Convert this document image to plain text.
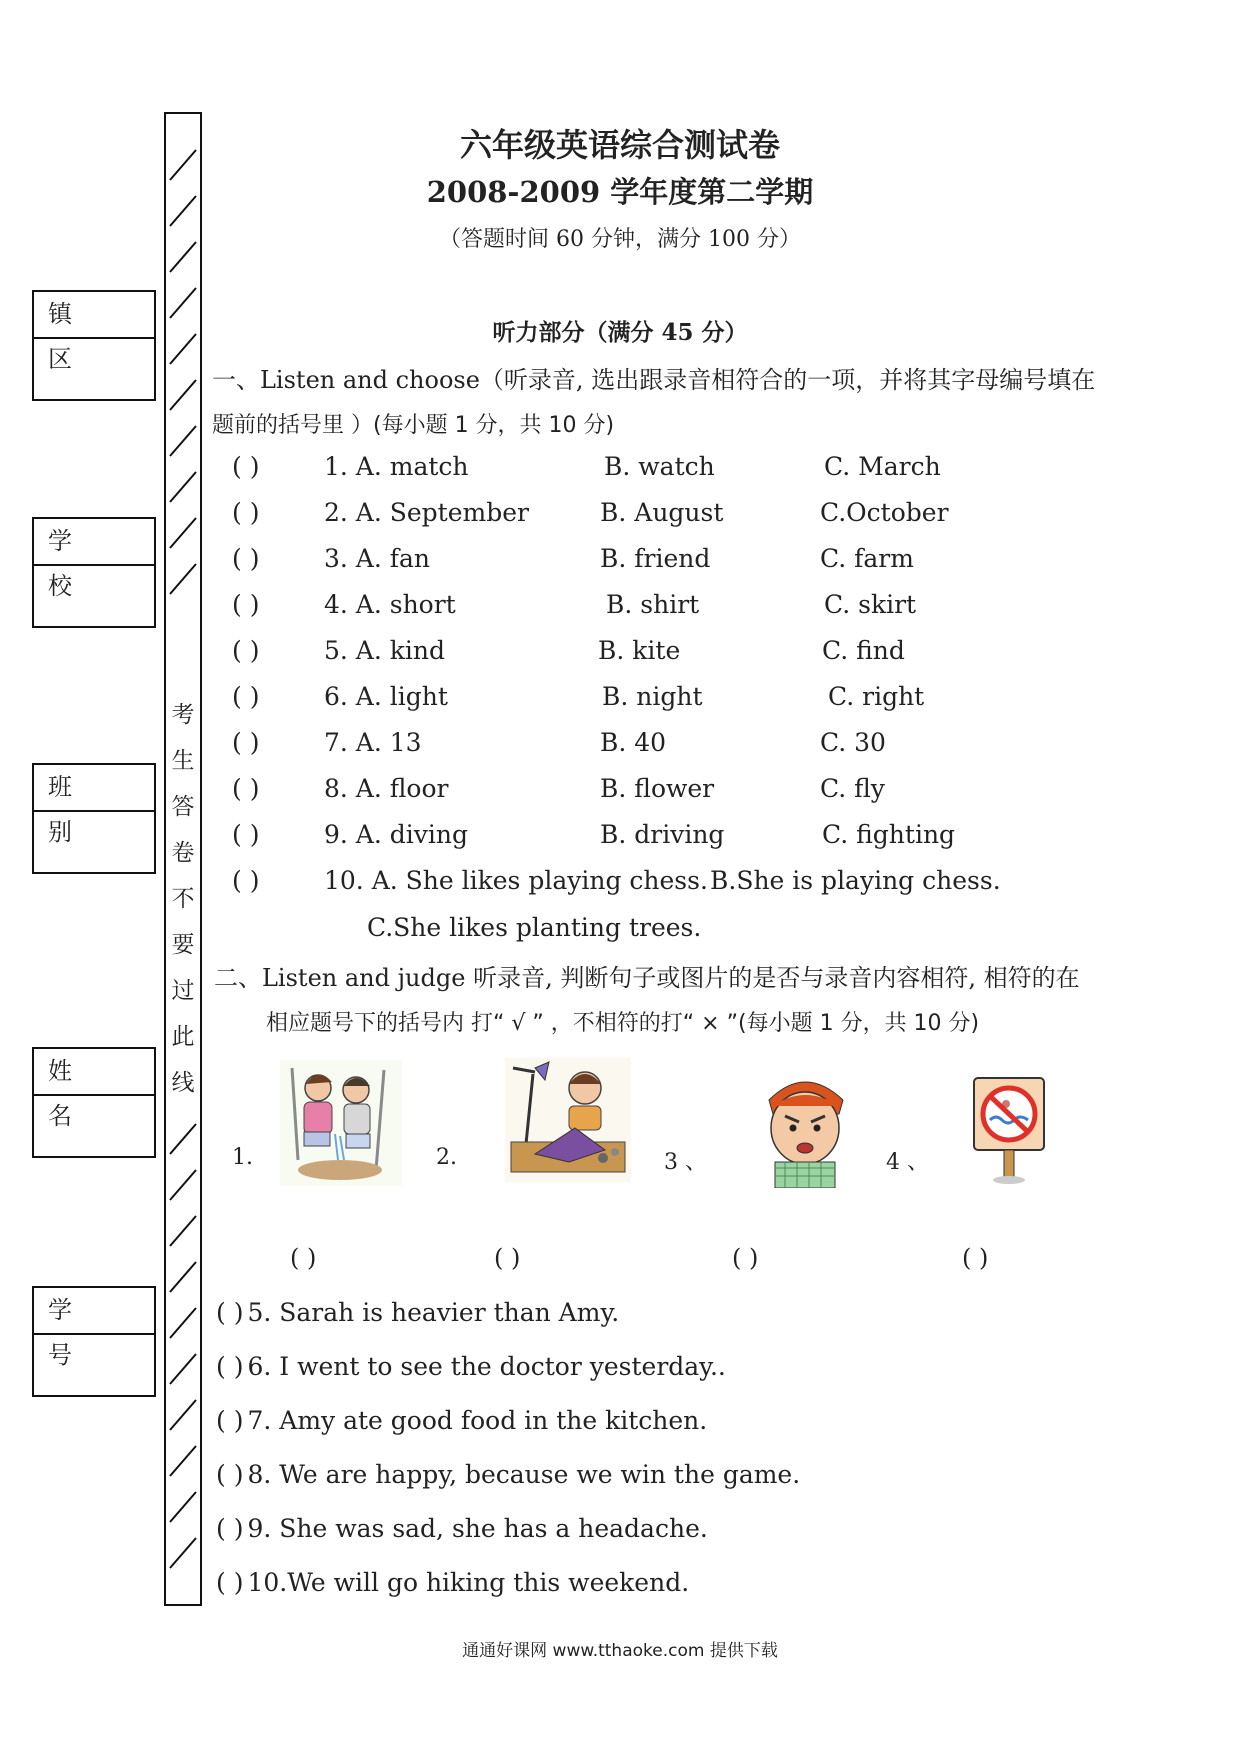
镇 区
学 校
班 别
姓 名
学 号
考
生
答
卷
不
要
过
此
线
六年级英语综合测试卷
2008-2009 学年度第二学期
（答题时间 60 分钟，满分 100 分）
听力部分（满分 45 分）
一、Listen and choose（听录音, 选出跟录音相符合的一项，并将其字母编号填在
题前的括号里 ）(每小题 1 分，共 10 分)
( )	1. A. match	B. watch	C. March
( )	2. A. September	B. August	C.October
( )	3. A. fan	B. friend	C. farm
( )	4. A. short	B. shirt	C. skirt
( )	5. A. kind	B. kite	C. find
( )	6. A. light	B. night	C. right
( )	7. A. 13	B. 40	C. 30
( )	8. A. floor	B. flower	C. fly
( )	9. A. diving	B. driving	C. fighting
( )	10. A. She likes playing chess. B.She is playing chess.
C.She likes planting trees.
二、Listen and judge 听录音, 判断句子或图片的是否与录音内容相符, 相符的在
相应题号下的括号内 打“ √ ” ，不相符的打“ × ”(每小题 1 分，共 10 分)
1.
( )
2.
( )
3 、
( )
4 、
( )
( ) 5. Sarah is heavier than Amy.
( ) 6. I went to see the doctor yesterday..
( ) 7. Amy ate good food in the kitchen.
( ) 8. We are happy, because we win the game.
( ) 9. She was sad, she has a headache.
( ) 10.We will go hiking this weekend.
通通好课网 www.tthaoke.com 提供下载
